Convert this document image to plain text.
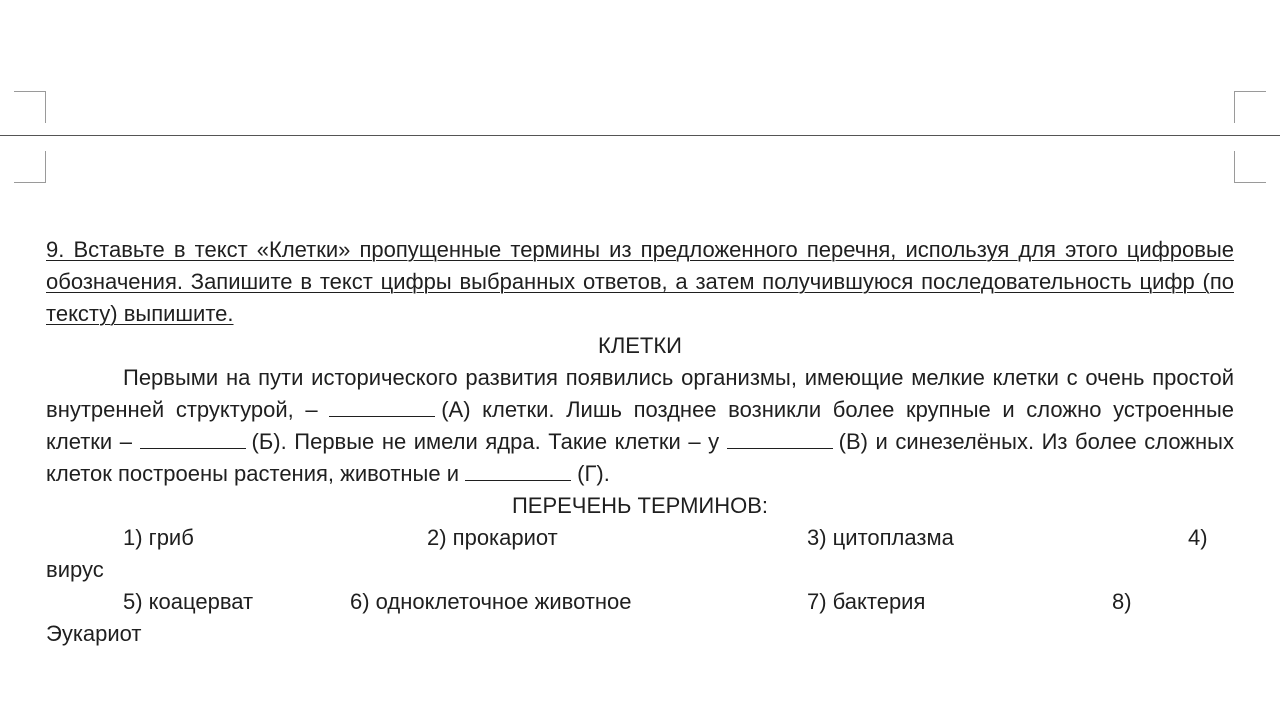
9. Вставьте в текст «Клетки» пропущенные термины из предложенного перечня, используя для этого цифровые обозначения. Запишите в текст цифры выбранных ответов, а затем получившуюся последовательность цифр (по тексту) выпишите.

КЛЕТКИ

Первыми на пути исторического развития появились организмы, имеющие мелкие клетки с очень простой внутренней структурой, –	(А) клетки. Лишь позднее возникли более крупные и сложно устроенные клетки –	(Б). Первые не имели ядра. Такие клетки – у	(В) и синезелёных. Из более сложных клеток построены растения, животные и	(Г).

ПЕРЕЧЕНЬ ТЕРМИНОВ:

1) гриб	2) прокариот	3) цитоплазма	4)
вирус
5) коацерват	6) одноклеточное животное	7) бактерия	8)
Эукариот
